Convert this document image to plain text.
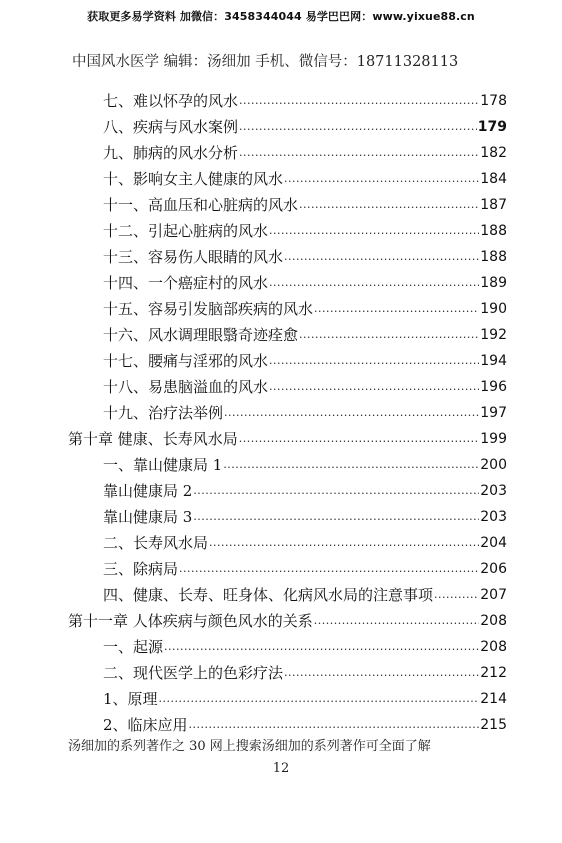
获取更多易学资料 加微信：3458344044 易学巴巴网：www.yixue88.cn
中国风水医学 编辑：汤细加 手机、微信号：18711328113
七、难以怀孕的风水 ·····	178
八、疾病与风水案例 ·····	179
九、肺病的风水分析 ·····	182
十、影响女主人健康的风水 ·····	184
十一、高血压和心脏病的风水 ·····	187
十二、引起心脏病的风水 ·····	188
十三、容易伤人眼睛的风水 ·····	188
十四、一个癌症村的风水 ·····	189
十五、容易引发脑部疾病的风水 ·····	190
十六、风水调理眼翳奇迹痊愈 ·····	192
十七、腰痛与淫邪的风水 ·····	194
十八、易患脑溢血的风水 ·····	196
十九、治疗法举例 ·····	197
第十章 健康、长寿风水局 ·····	199
一、靠山健康局 1 ·····	200
靠山健康局 2 ·····	203
靠山健康局 3 ·····	203
二、长寿风水局 ·····	204
三、除病局 ·····	206
四、健康、长寿、旺身体、化病风水局的注意事项 ·····	207
第十一章 人体疾病与颜色风水的关系 ·····	208
一、起源 ·····	208
二、现代医学上的色彩疗法 ·····	212
1、原理 ·····	214
2、临床应用 ·····	215
汤细加的系列著作之 30 网上搜索汤细加的系列著作可全面了解
12
